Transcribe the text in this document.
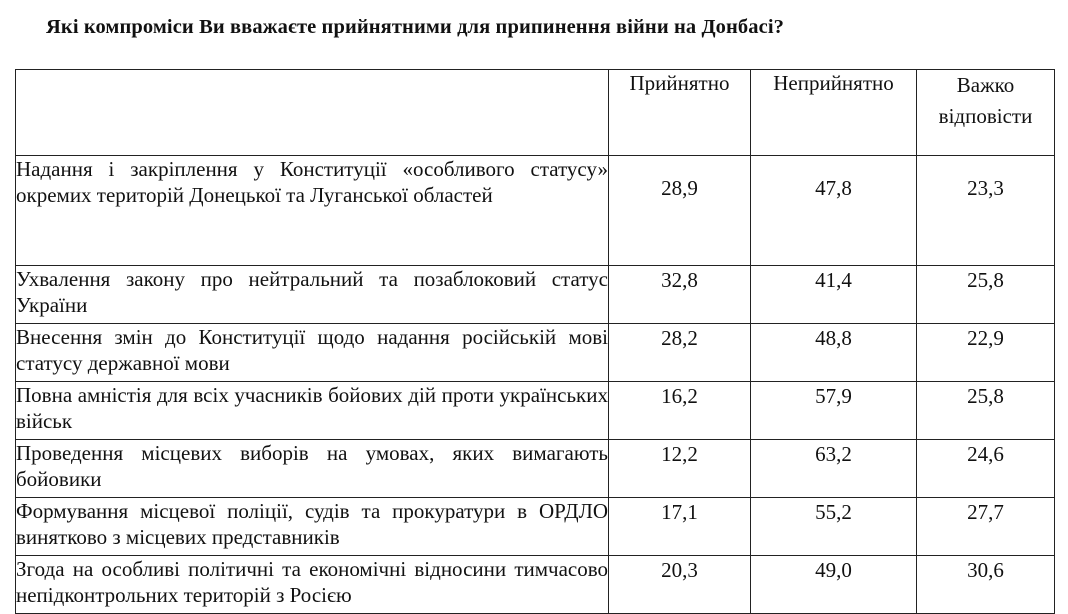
Які компроміси Ви вважаєте прийнятними для припинення війни на Донбасі?
	Прийнятно	Неприйнятно	Важко відповісти
Надання і закріплення у Конституції «особливого статусу» окремих територій Донецької та Луганської областей	28,9	47,8	23,3
Ухвалення закону про нейтральний та позаблоковий статус України	32,8	41,4	25,8
Внесення змін до Конституції щодо надання російській мові статусу державної мови	28,2	48,8	22,9
Повна амністія для всіх учасників бойових дій проти українських військ	16,2	57,9	25,8
Проведення місцевих виборів на умовах, яких вимагають бойовики	12,2	63,2	24,6
Формування місцевої поліції, судів та прокуратури в ОРДЛО винятково з місцевих представників	17,1	55,2	27,7
Згода на особливі політичні та економічні відносини тимчасово непідконтрольних територій з Росією	20,3	49,0	30,6
